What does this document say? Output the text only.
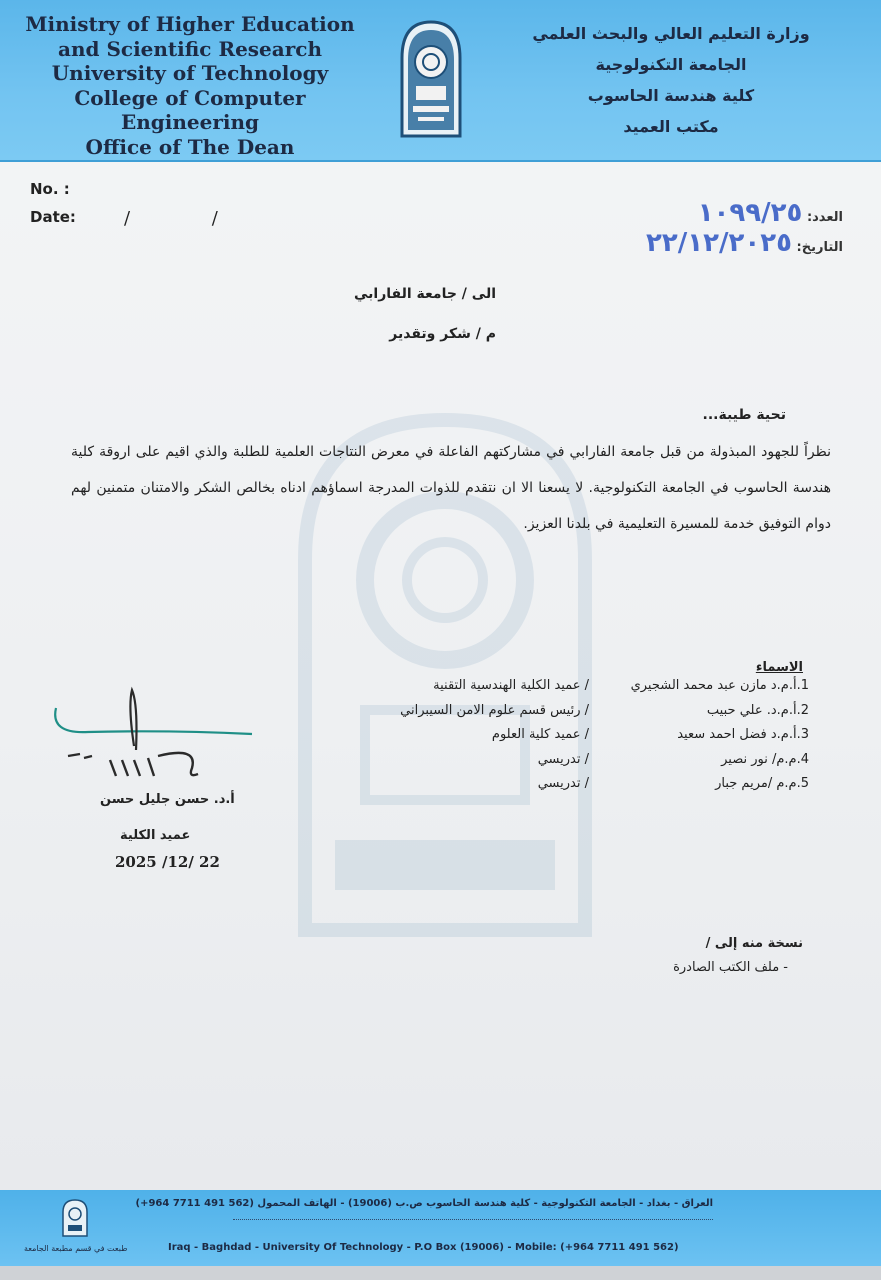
Ministry of Higher Education
and Scientific Research
University of Technology
College of Computer Engineering
Office of The Dean
وزارة التعليم العالي والبحث العلمي
الجامعة التكنولوجية
كلية هندسة الحاسوب
مكتب العميد
No. :
Date:	/ /	العدد: ١٠٩٩/٢٥
التاريخ: ٢٢/١٢/٢٠٢٥
الى / جامعة الفارابي
م / شكر وتقدير
تحية طيبة...
نظراً للجهود المبذولة من قبل جامعة الفارابي في مشاركتهم الفاعلة في معرض النتاجات العلمية للطلبة والذي اقيم على اروقة كلية هندسة الحاسوب في الجامعة التكنولوجية. لا يسعنا الا ان نتقدم للذوات المدرجة اسماؤهم ادناه بخالص الشكر والامتنان متمنين لهم دوام التوفيق خدمة للمسيرة التعليمية في بلدنا العزيز.
الاسماء
1.أ.م.د مازن عبد محمد الشجيري
/ عميد الكلية الهندسية التقنية
2.أ.م.د. علي حبيب
/ رئيس قسم علوم الامن السيبراني
3.أ.م.د فضل احمد سعيد
/ عميد كلية العلوم
4.م.م/ نور نصير
/ تدريسي
5.م.م /مريم جبار
/ تدريسي
أ.د. حسن جليل حسن
عميد الكلية
2025 /12/ 22
نسخة منه إلى /
- ملف الكتب الصادرة
العراق - بغداد - الجامعة التكنولوجية - كلية هندسة الحاسوب ص.ب (19006) - الهاتف المحمول (562 491 7711 964+)
Iraq - Baghdad - University Of Technology - P.O Box (19006) - Mobile: (+964 7711 491 562)
طبعت في قسم مطبعة الجامعة
